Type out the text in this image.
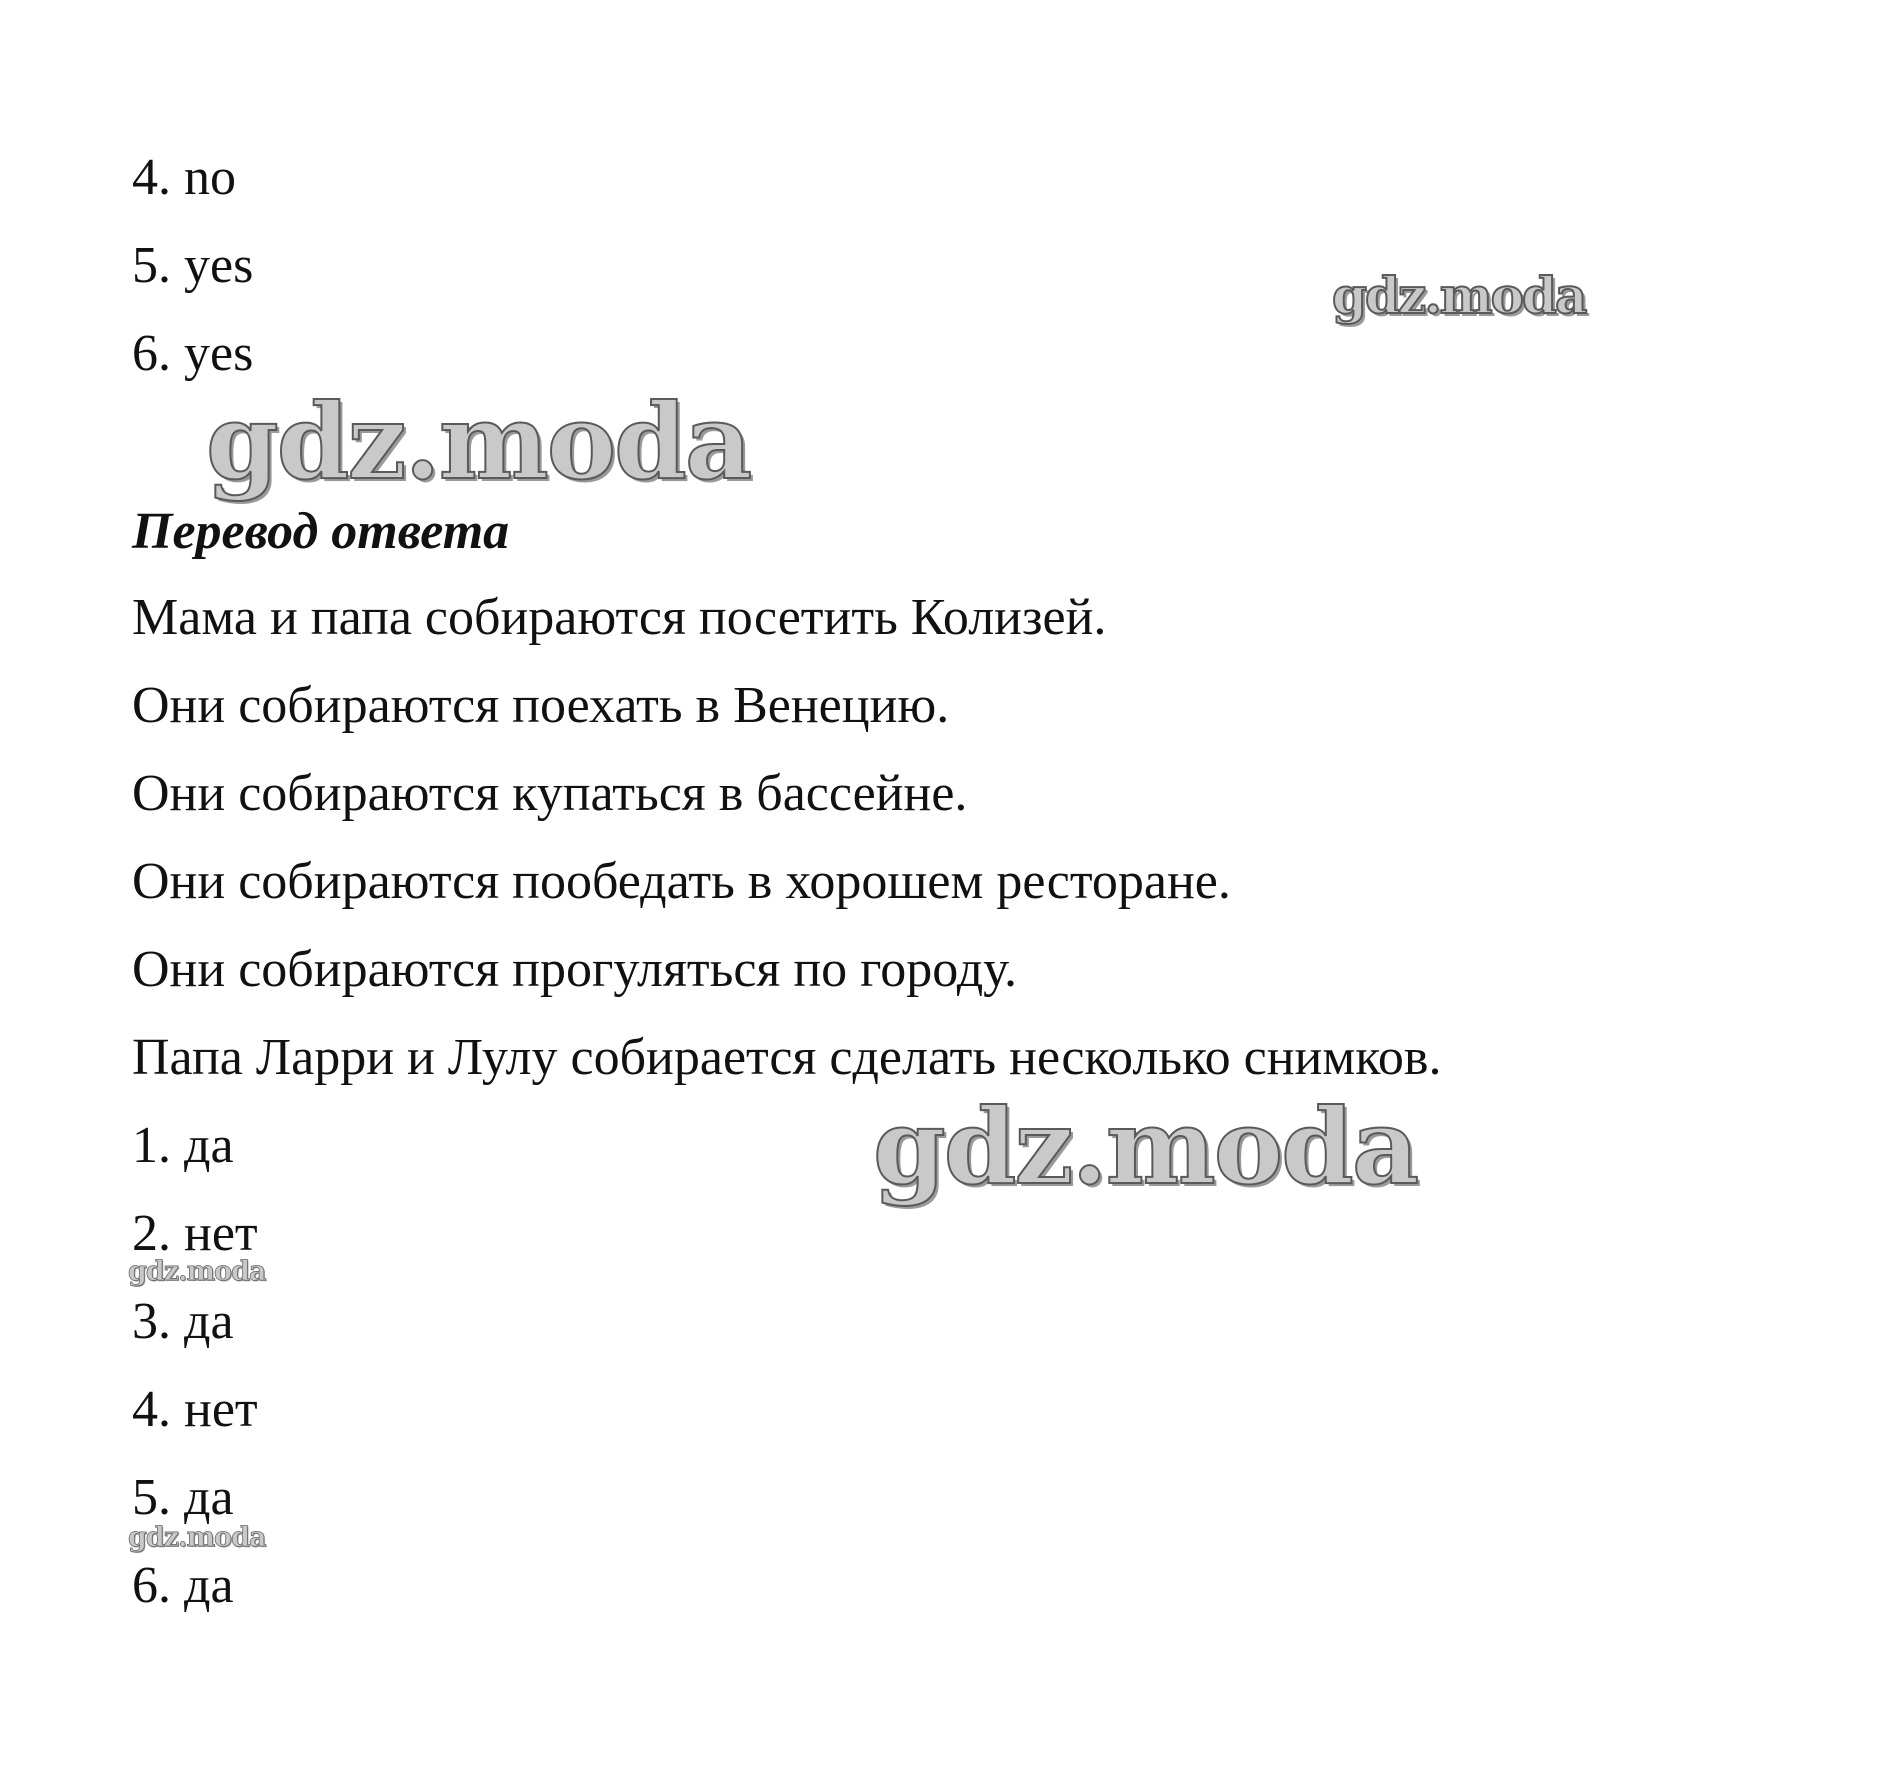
4. no
5. yes
6. yes
Перевод ответа
Мама и папа собираются посетить Колизей.
Они собираются поехать в Венецию.
Они собираются купаться в бассейне.
Они собираются пообедать в хорошем ресторане.
Они собираются прогуляться по городу.
Папа Ларри и Лулу собирается сделать несколько снимков.
1. да
2. нет
3. да
4. нет
5. да
6. да
gdz.moda
gdz.moda
gdz.moda
gdz.moda
gdz.moda
